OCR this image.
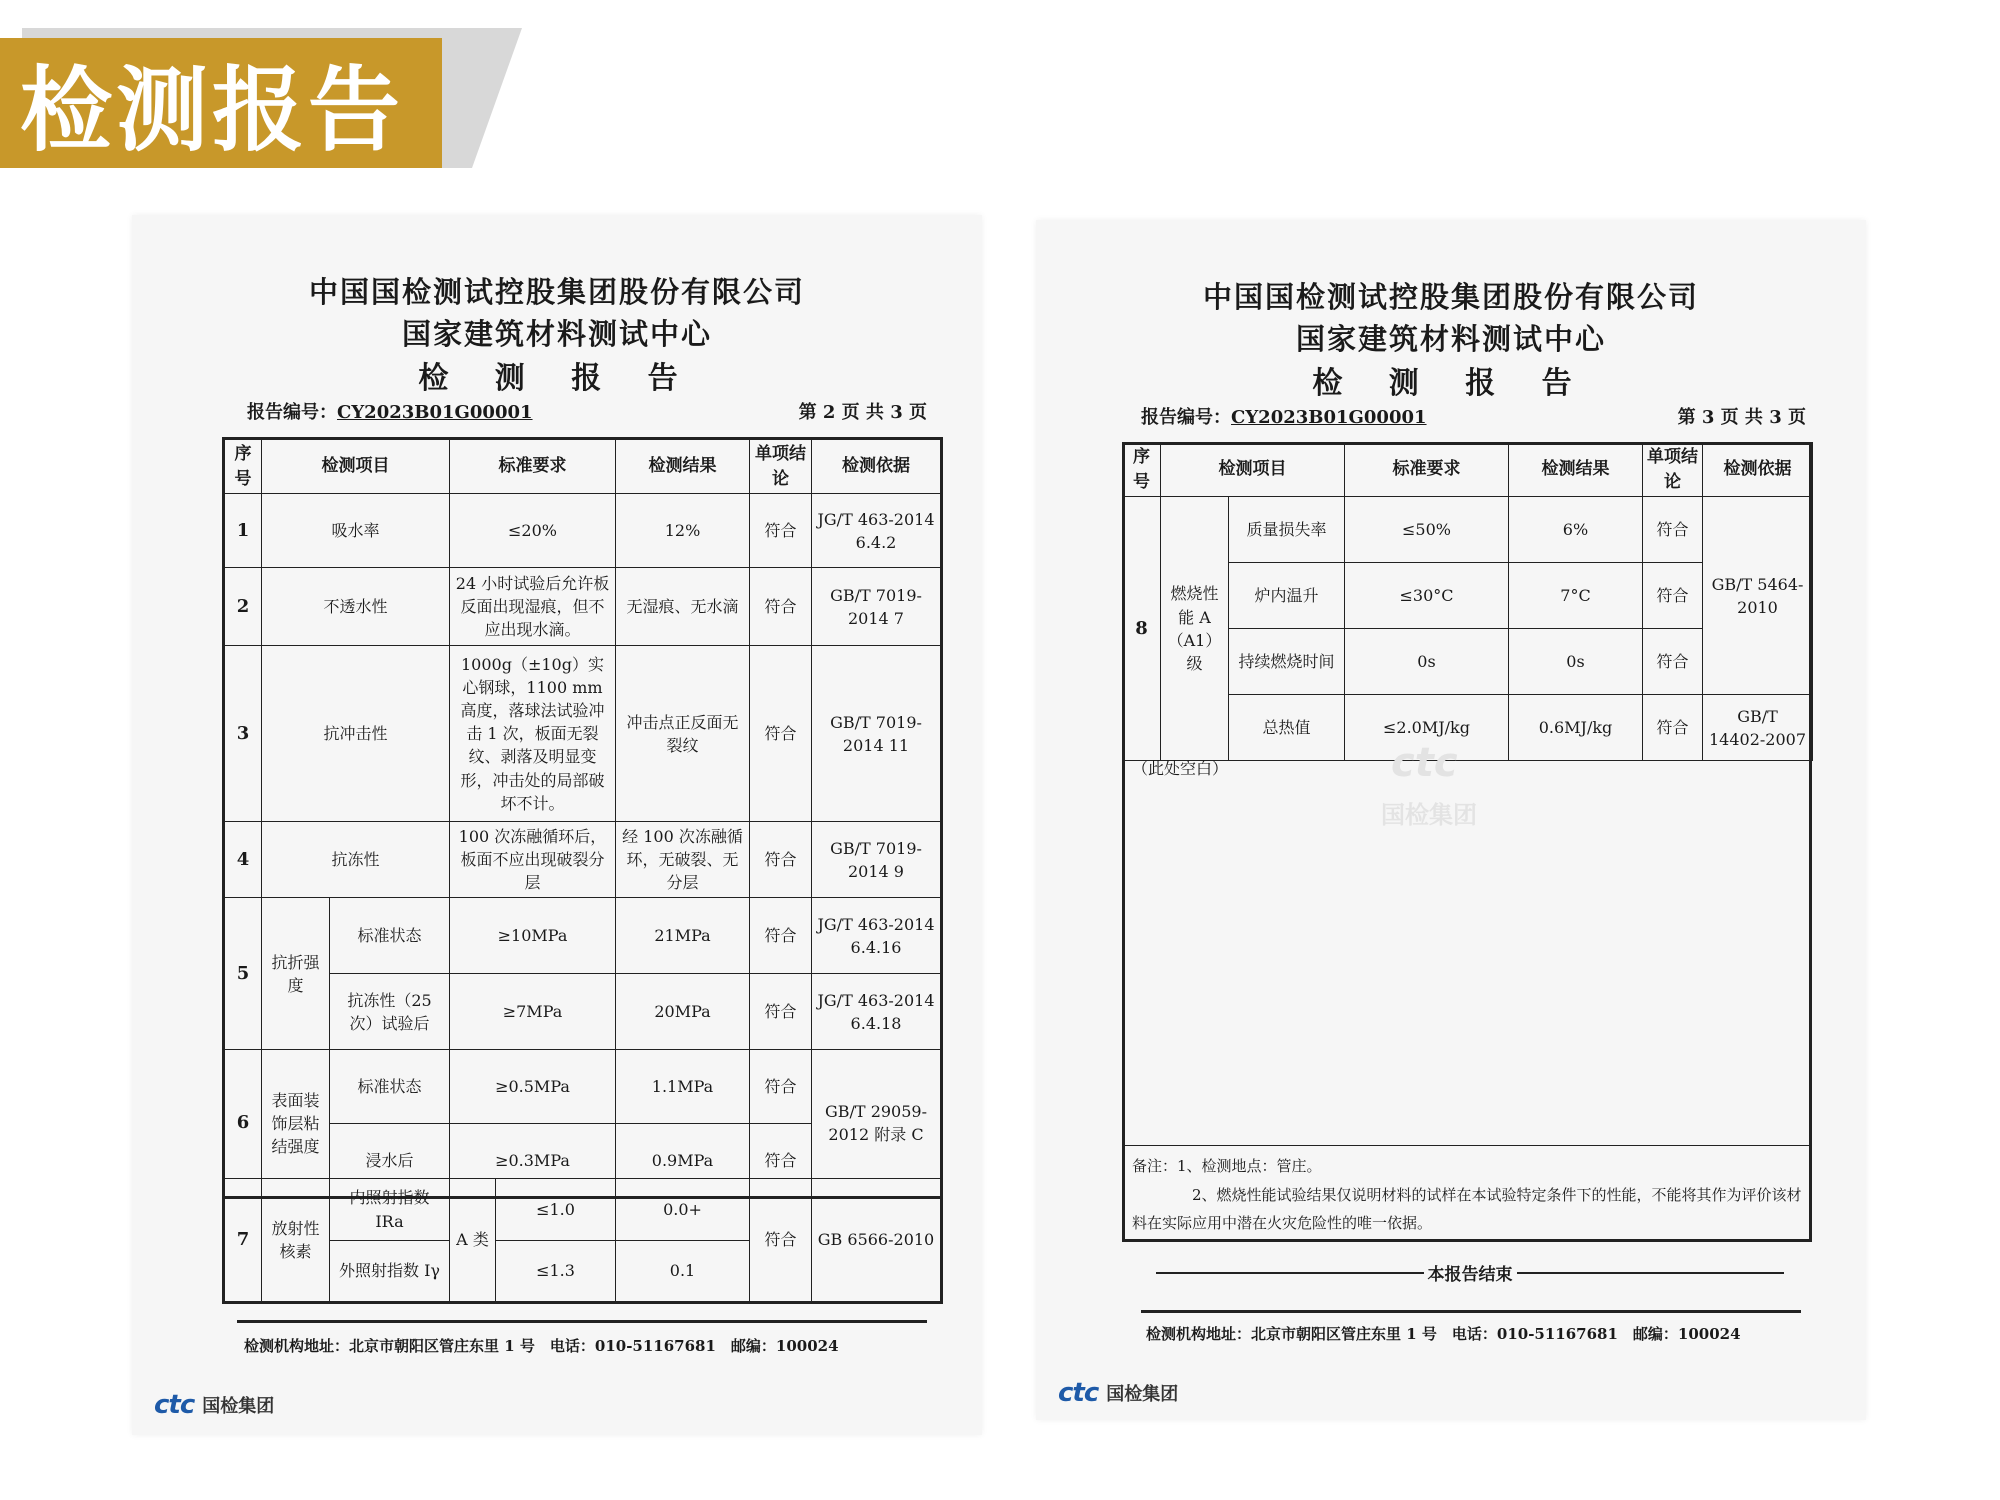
检测报告
中国国检测试控股集团股份有限公司
国家建筑材料测试中心
检 测 报 告
报告编号：CY2023B01G00001	第 2 页 共 3 页
序号	检测项目		标准要求	检测结果	单项结论	检测依据
1	吸水率		≤20%	12%	符合	JG/T 463-2014 6.4.2
2	不透水性		24 小时试验后允许板反面出现湿痕，但不应出现水滴。	无湿痕、无水滴	符合	GB/T 7019-2014 7
3	抗冲击性		1000g（±10g）实心钢球，1100 mm 高度，落球法试验冲击 1 次，板面无裂纹、剥落及明显变形，冲击处的局部破坏不计。	冲击点正反面无裂纹	符合	GB/T 7019-2014 11
4	抗冻性		100 次冻融循环后，板面不应出现破裂分层	经 100 次冻融循环，无破裂、无分层	符合	GB/T 7019-2014 9
5	抗折强度	标准状态	≥10MPa	21MPa	符合	JG/T 463-2014 6.4.16
		抗冻性（25 次）试验后	≥7MPa	20MPa	符合	JG/T 463-2014 6.4.18
6	表面装饰层粘结强度	标准状态	≥0.5MPa	1.1MPa	符合	GB/T 29059-2012 附录 C
		浸水后	≥0.3MPa	0.9MPa	符合	
7	放射性核素	内照射指数 IRa	A 类	≤1.0	0.0+	符合	GB 6566-2010
		外照射指数 Iγ		≤1.3	0.1		
检测机构地址：北京市朝阳区管庄东里 1 号　电话：010-51167681　邮编：100024
ctc 国检集团
中国国检测试控股集团股份有限公司
国家建筑材料测试中心
检 测 报 告
报告编号：CY2023B01G00001	第 3 页 共 3 页
序号	检测项目		标准要求	检测结果	单项结论	检测依据
8	燃烧性能 A（A1）级	质量损失率	≤50%	6%	符合	GB/T 5464-2010
		炉内温升	≤30°C	7°C	符合	
		持续燃烧时间	0s	0s	符合	
		总热值	≤2.0MJ/kg	0.6MJ/kg	符合	GB/T 14402-2007
（此处空白）	ctc
国检集团
备注：1、检测地点：管庄。
2、燃烧性能试验结果仅说明材料的试样在本试验特定条件下的性能，不能将其作为评价该材料在实际应用中潜在火灾危险性的唯一依据。
本报告结束
检测机构地址：北京市朝阳区管庄东里 1 号　电话：010-51167681　邮编：100024
ctc 国检集团
